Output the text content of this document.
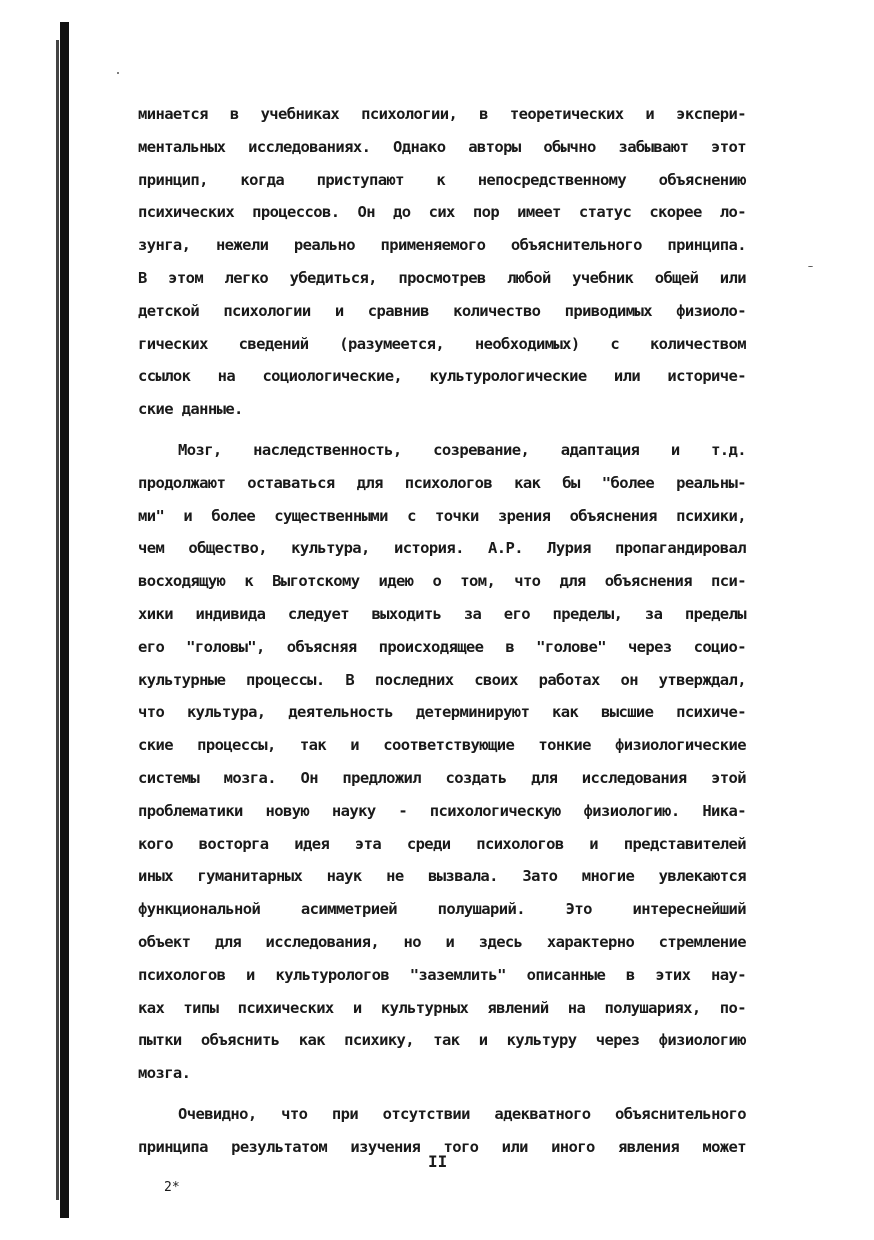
минается в учебниках психологии, в теоретических и экспери-
ментальных исследованиях. Однако авторы обычно забывают этот
принцип, когда приступают к непосредственному объяснению
психических процессов. Он до сих пор имеет статус скорее ло-
зунга, нежели реально применяемого объяснительного принципа.
В этом легко убедиться, просмотрев любой учебник общей или
детской психологии и сравнив количество приводимых физиоло-
гических сведений (разумеется, необходимых) с количеством
ссылок на социологические, культурологические или историче-
ские данные.
Мозг, наследственность, созревание, адаптация и т.д.
продолжают оставаться для психологов как бы "более реальны-
ми" и более существенными с точки зрения объяснения психики,
чем общество, культура, история. А.Р. Лурия пропагандировал
восходящую к Выготскому идею о том, что для объяснения пси-
хики индивида следует выходить за его пределы, за пределы
его "головы", объясняя происходящее в "голове" через социо-
культурные процессы. В последних своих работах он утверждал,
что культура, деятельность детерминируют как высшие психиче-
ские процессы, так и соответствующие тонкие физиологические
системы мозга. Он предложил создать для исследования этой
проблематики новую науку - психологическую физиологию. Ника-
кого восторга идея эта среди психологов и представителей
иных гуманитарных наук не вызвала. Зато многие увлекаются
функциональной асимметрией полушарий. Это интереснейший
объект для исследования, но и здесь характерно стремление
психологов и культурологов "заземлить" описанные в этих нау-
ках типы психических и культурных явлений на полушариях, по-
пытки объяснить как психику, так и культуру через физиологию
мозга.
Очевидно, что при отсутствии адекватного объяснительного
принципа результатом изучения того или иного явления может
II
2*
